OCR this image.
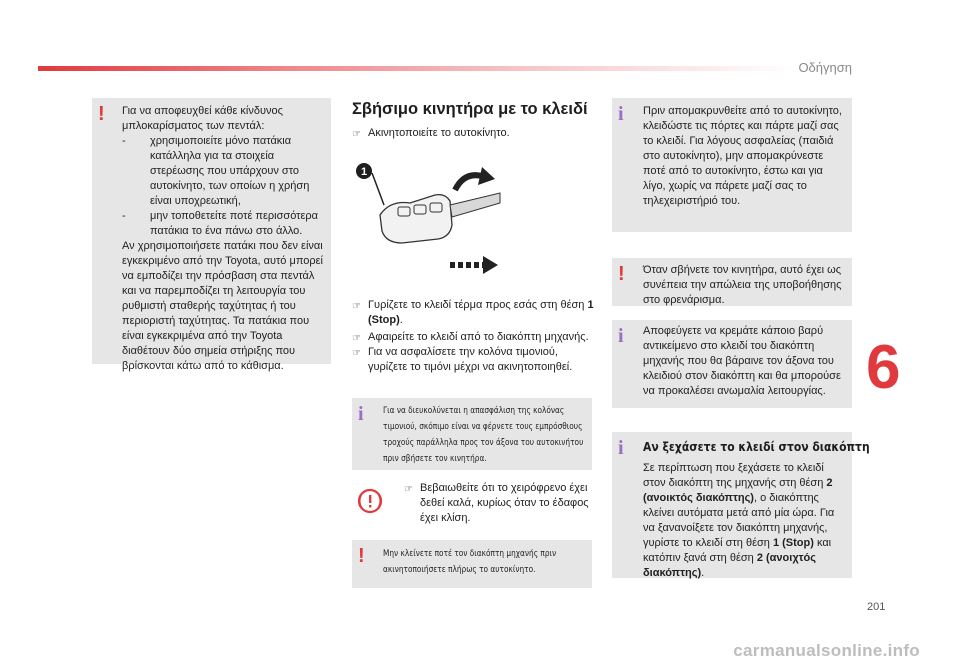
Οδήγηση
6
201
carmanualsonline.info
! Για να αποφευχθεί κάθε κίνδυνος
μπλοκαρίσματος των πεντάλ:
- χρησιμοποιείτε μόνο πατάκια κατάλληλα για τα στοιχεία στερέωσης που υπάρχουν στο αυτοκίνητο, των οποίων η χρήση είναι υποχρεωτική,
- μην τοποθετείτε ποτέ περισσότερα πατάκια το ένα πάνω στο άλλο.
Αν χρησιμοποιήσετε πατάκι που δεν είναι εγκεκριμένο από την Toyota, αυτό μπορεί να εμποδίζει την πρόσβαση στα πεντάλ και να παρεμποδίζει τη λειτουργία του ρυθμιστή σταθερής ταχύτητας ή του περιοριστή ταχύτητας. Τα πατάκια που είναι εγκεκριμένα από την Toyota διαθέτουν δύο σημεία στήριξης που βρίσκονται κάτω από το κάθισμα.
Σβήσιμο κινητήρα με το κλειδί
☞ Ακινητοποιείτε το αυτοκίνητο.
1
☞ Γυρίζετε το κλειδί τέρμα προς εσάς στη θέση 1 (Stop).
☞ Αφαιρείτε το κλειδί από το διακόπτη μηχανής.
☞ Για να ασφαλίσετε την κολόνα τιμονιού, γυρίζετε το τιμόνι μέχρι να ακινητοποιηθεί.
i Για να διευκολύνεται η απασφάλιση της κολόνας τιμονιού, σκόπιμο είναι να φέρνετε τους εμπρόσθιους τροχούς παράλληλα προς τον άξονα του αυτοκινήτου πριν σβήσετε τον κινητήρα.
☞ Βεβαιωθείτε ότι το χειρόφρενο έχει δεθεί καλά, κυρίως όταν το έδαφος έχει κλίση.
! Μην κλείνετε ποτέ τον διακόπτη μηχανής πριν ακινητοποιήσετε πλήρως το αυτοκίνητο.
i Πριν απομακρυνθείτε από το αυτοκίνητο, κλειδώστε τις πόρτες και πάρτε μαζί σας το κλειδί. Για λόγους ασφαλείας (παιδιά στο αυτοκίνητο), μην απομακρύνεστε ποτέ από το αυτοκίνητο, έστω και για λίγο, χωρίς να πάρετε μαζί σας το τηλεχειριστήριό του.
! Όταν σβήνετε τον κινητήρα, αυτό έχει ως συνέπεια την απώλεια της υποβοήθησης στο φρενάρισμα.
i Αποφεύγετε να κρεμάτε κάποιο βαρύ αντικείμενο στο κλειδί του διακόπτη μηχανής που θα βάραινε τον άξονα του κλειδιού στον διακόπτη και θα μπορούσε να προκαλέσει ανωμαλία λειτουργίας.
i Αν ξεχάσετε το κλειδί στον διακόπτη
Σε περίπτωση που ξεχάσετε το κλειδί στον διακόπτη της μηχανής στη θέση 2 (ανοικτός διακόπτης), ο διακόπτης κλείνει αυτόματα μετά από μία ώρα. Για να ξανανοίξετε τον διακόπτη μηχανής, γυρίστε το κλειδί στη θέση 1 (Stop) και κατόπιν ξανά στη θέση 2 (ανοιχτός διακόπτης).
